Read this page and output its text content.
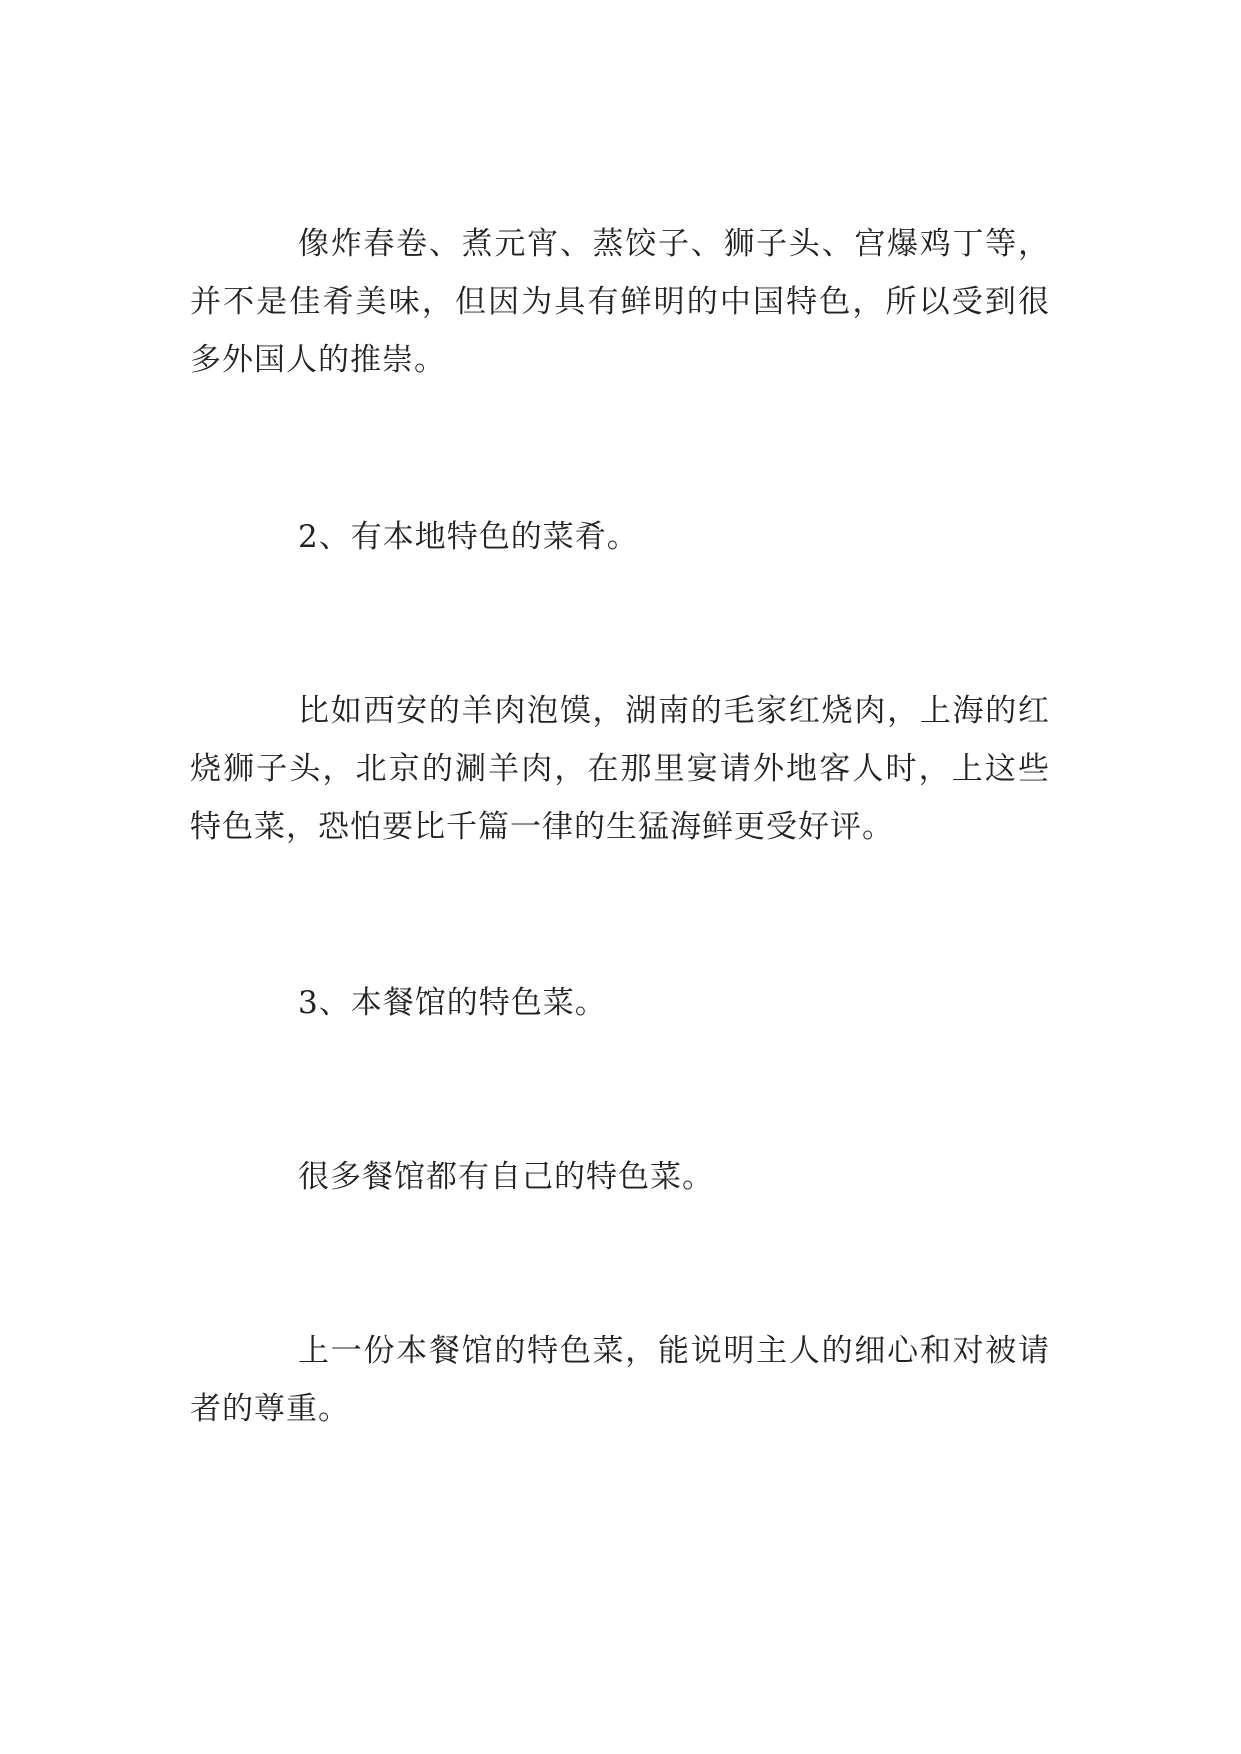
像炸春卷、煮元宵、蒸饺子、狮子头、宫爆鸡丁等，并不是佳肴美味，但因为具有鲜明的中国特色，所以受到很多外国人的推崇。

2、有本地特色的菜肴。

比如西安的羊肉泡馍，湖南的毛家红烧肉，上海的红烧狮子头，北京的涮羊肉，在那里宴请外地客人时，上这些特色菜，恐怕要比千篇一律的生猛海鲜更受好评。

3、本餐馆的特色菜。

很多餐馆都有自己的特色菜。

上一份本餐馆的特色菜，能说明主人的细心和对被请者的尊重。
